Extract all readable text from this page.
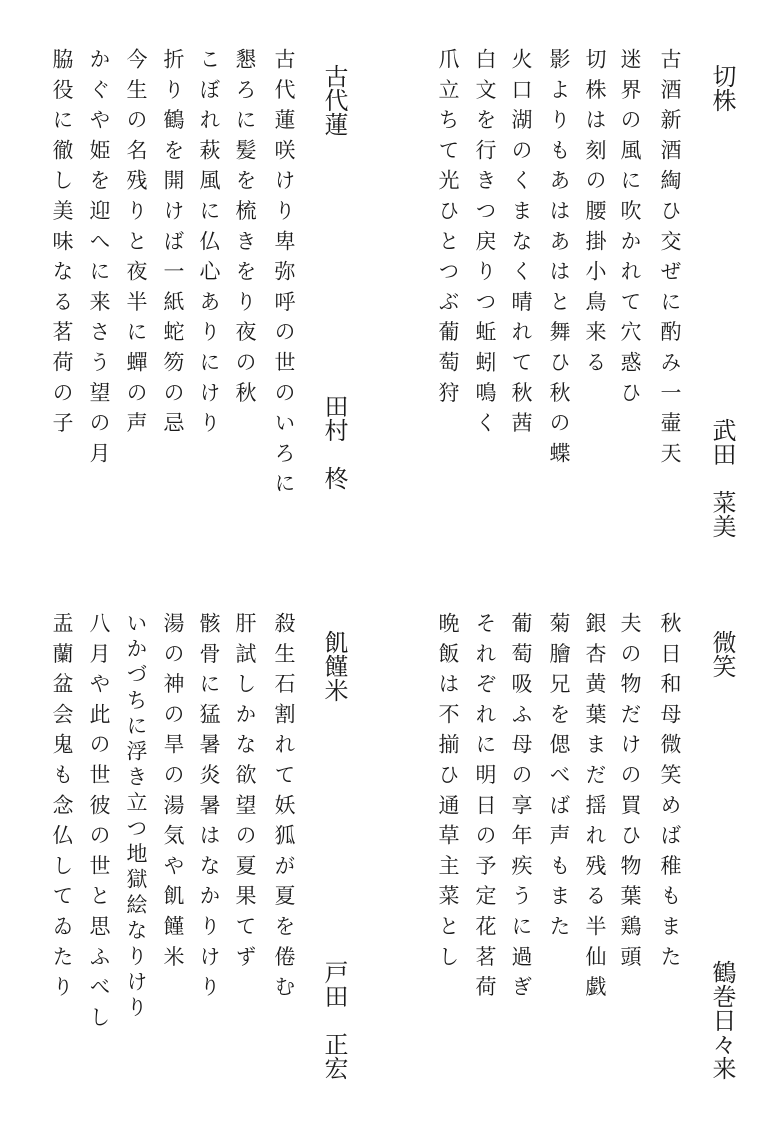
切株
武田　菜美
古酒新酒綯ひ交ぜに酌み一壷天
迷界の風に吹かれて穴惑ひ
切株は刻の腰掛小鳥来る
影よりもあはあはと舞ひ秋の蝶
火口湖のくまなく晴れて秋茜
白文を行きつ戻りつ蚯蚓鳴く
爪立ちて光ひとつぶ葡萄狩
古代蓮
田村　柊
古代蓮咲けり卑弥呼の世のいろに
懇ろに髪を梳きをり夜の秋
こぼれ萩風に仏心ありにけり
折り鶴を開けば一紙蛇笏の忌
今生の名残りと夜半に蟬の声
かぐや姫を迎へに来さう望の月
脇役に徹し美味なる茗荷の子
微笑
鶴巻日々来
秋日和母微笑めば稚もまた
夫の物だけの買ひ物葉鶏頭
銀杏黄葉まだ揺れ残る半仙戯
菊膾兄を偲べば声もまた
葡萄吸ふ母の享年疾うに過ぎ
それぞれに明日の予定花茗荷
晩飯は不揃ひ通草主菜とし
飢饉米
戸田　正宏
殺生石割れて妖狐が夏を倦む
肝試しかな欲望の夏果てず
骸骨に猛暑炎暑はなかりけり
湯の神の旱の湯気や飢饉米
いかづちに浮き立つ地獄絵なりけり
八月や此の世彼の世と思ふべし
盂蘭盆会鬼も念仏してゐたり
